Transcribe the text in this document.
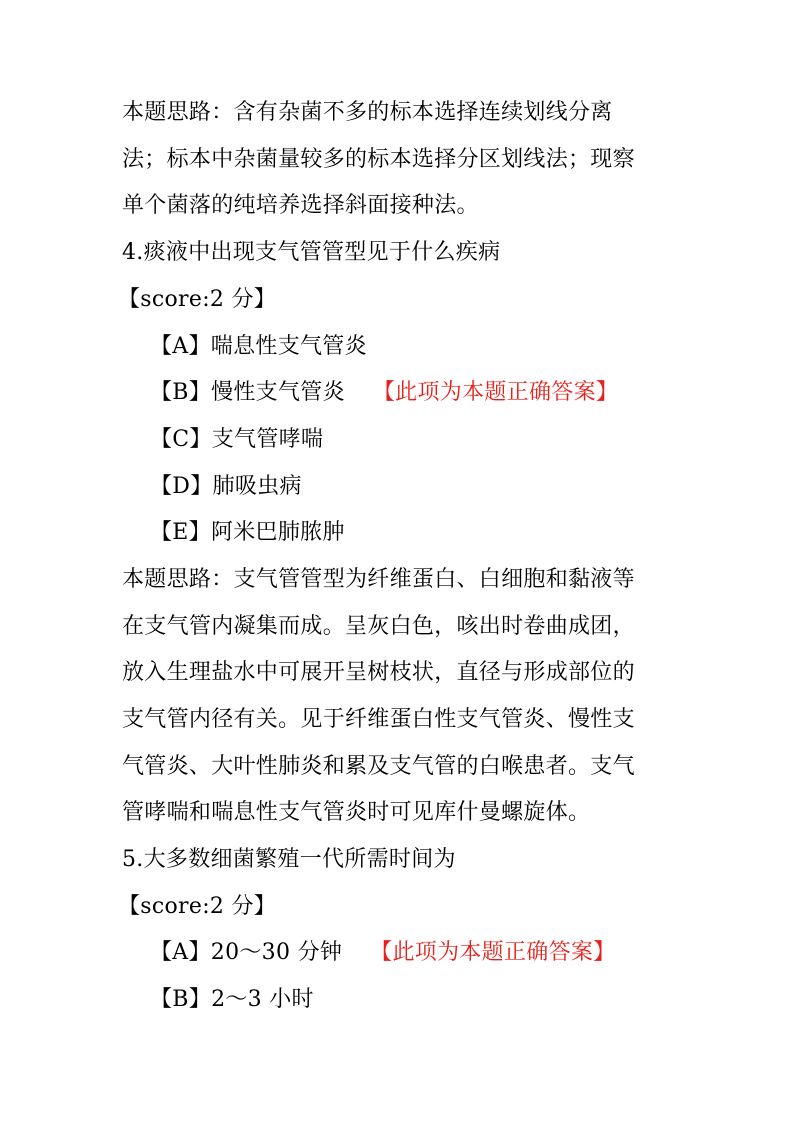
本题思路：含有杂菌不多的标本选择连续划线分离
法；标本中杂菌量较多的标本选择分区划线法；现察
单个菌落的纯培养选择斜面接种法。
4.痰液中出现支气管管型见于什么疾病
【score:2 分】
【A】喘息性支气管炎
【B】慢性支气管炎 【此项为本题正确答案】
【C】支气管哮喘
【D】肺吸虫病
【E】阿米巴肺脓肿
本题思路：支气管管型为纤维蛋白、白细胞和黏液等
在支气管内凝集而成。呈灰白色，咳出时卷曲成团，
放入生理盐水中可展开呈树枝状，直径与形成部位的
支气管内径有关。见于纤维蛋白性支气管炎、慢性支
气管炎、大叶性肺炎和累及支气管的白喉患者。支气
管哮喘和喘息性支气管炎时可见库什曼螺旋体。
5.大多数细菌繁殖一代所需时间为
【score:2 分】
【A】20～30 分钟 【此项为本题正确答案】
【B】2～3 小时
